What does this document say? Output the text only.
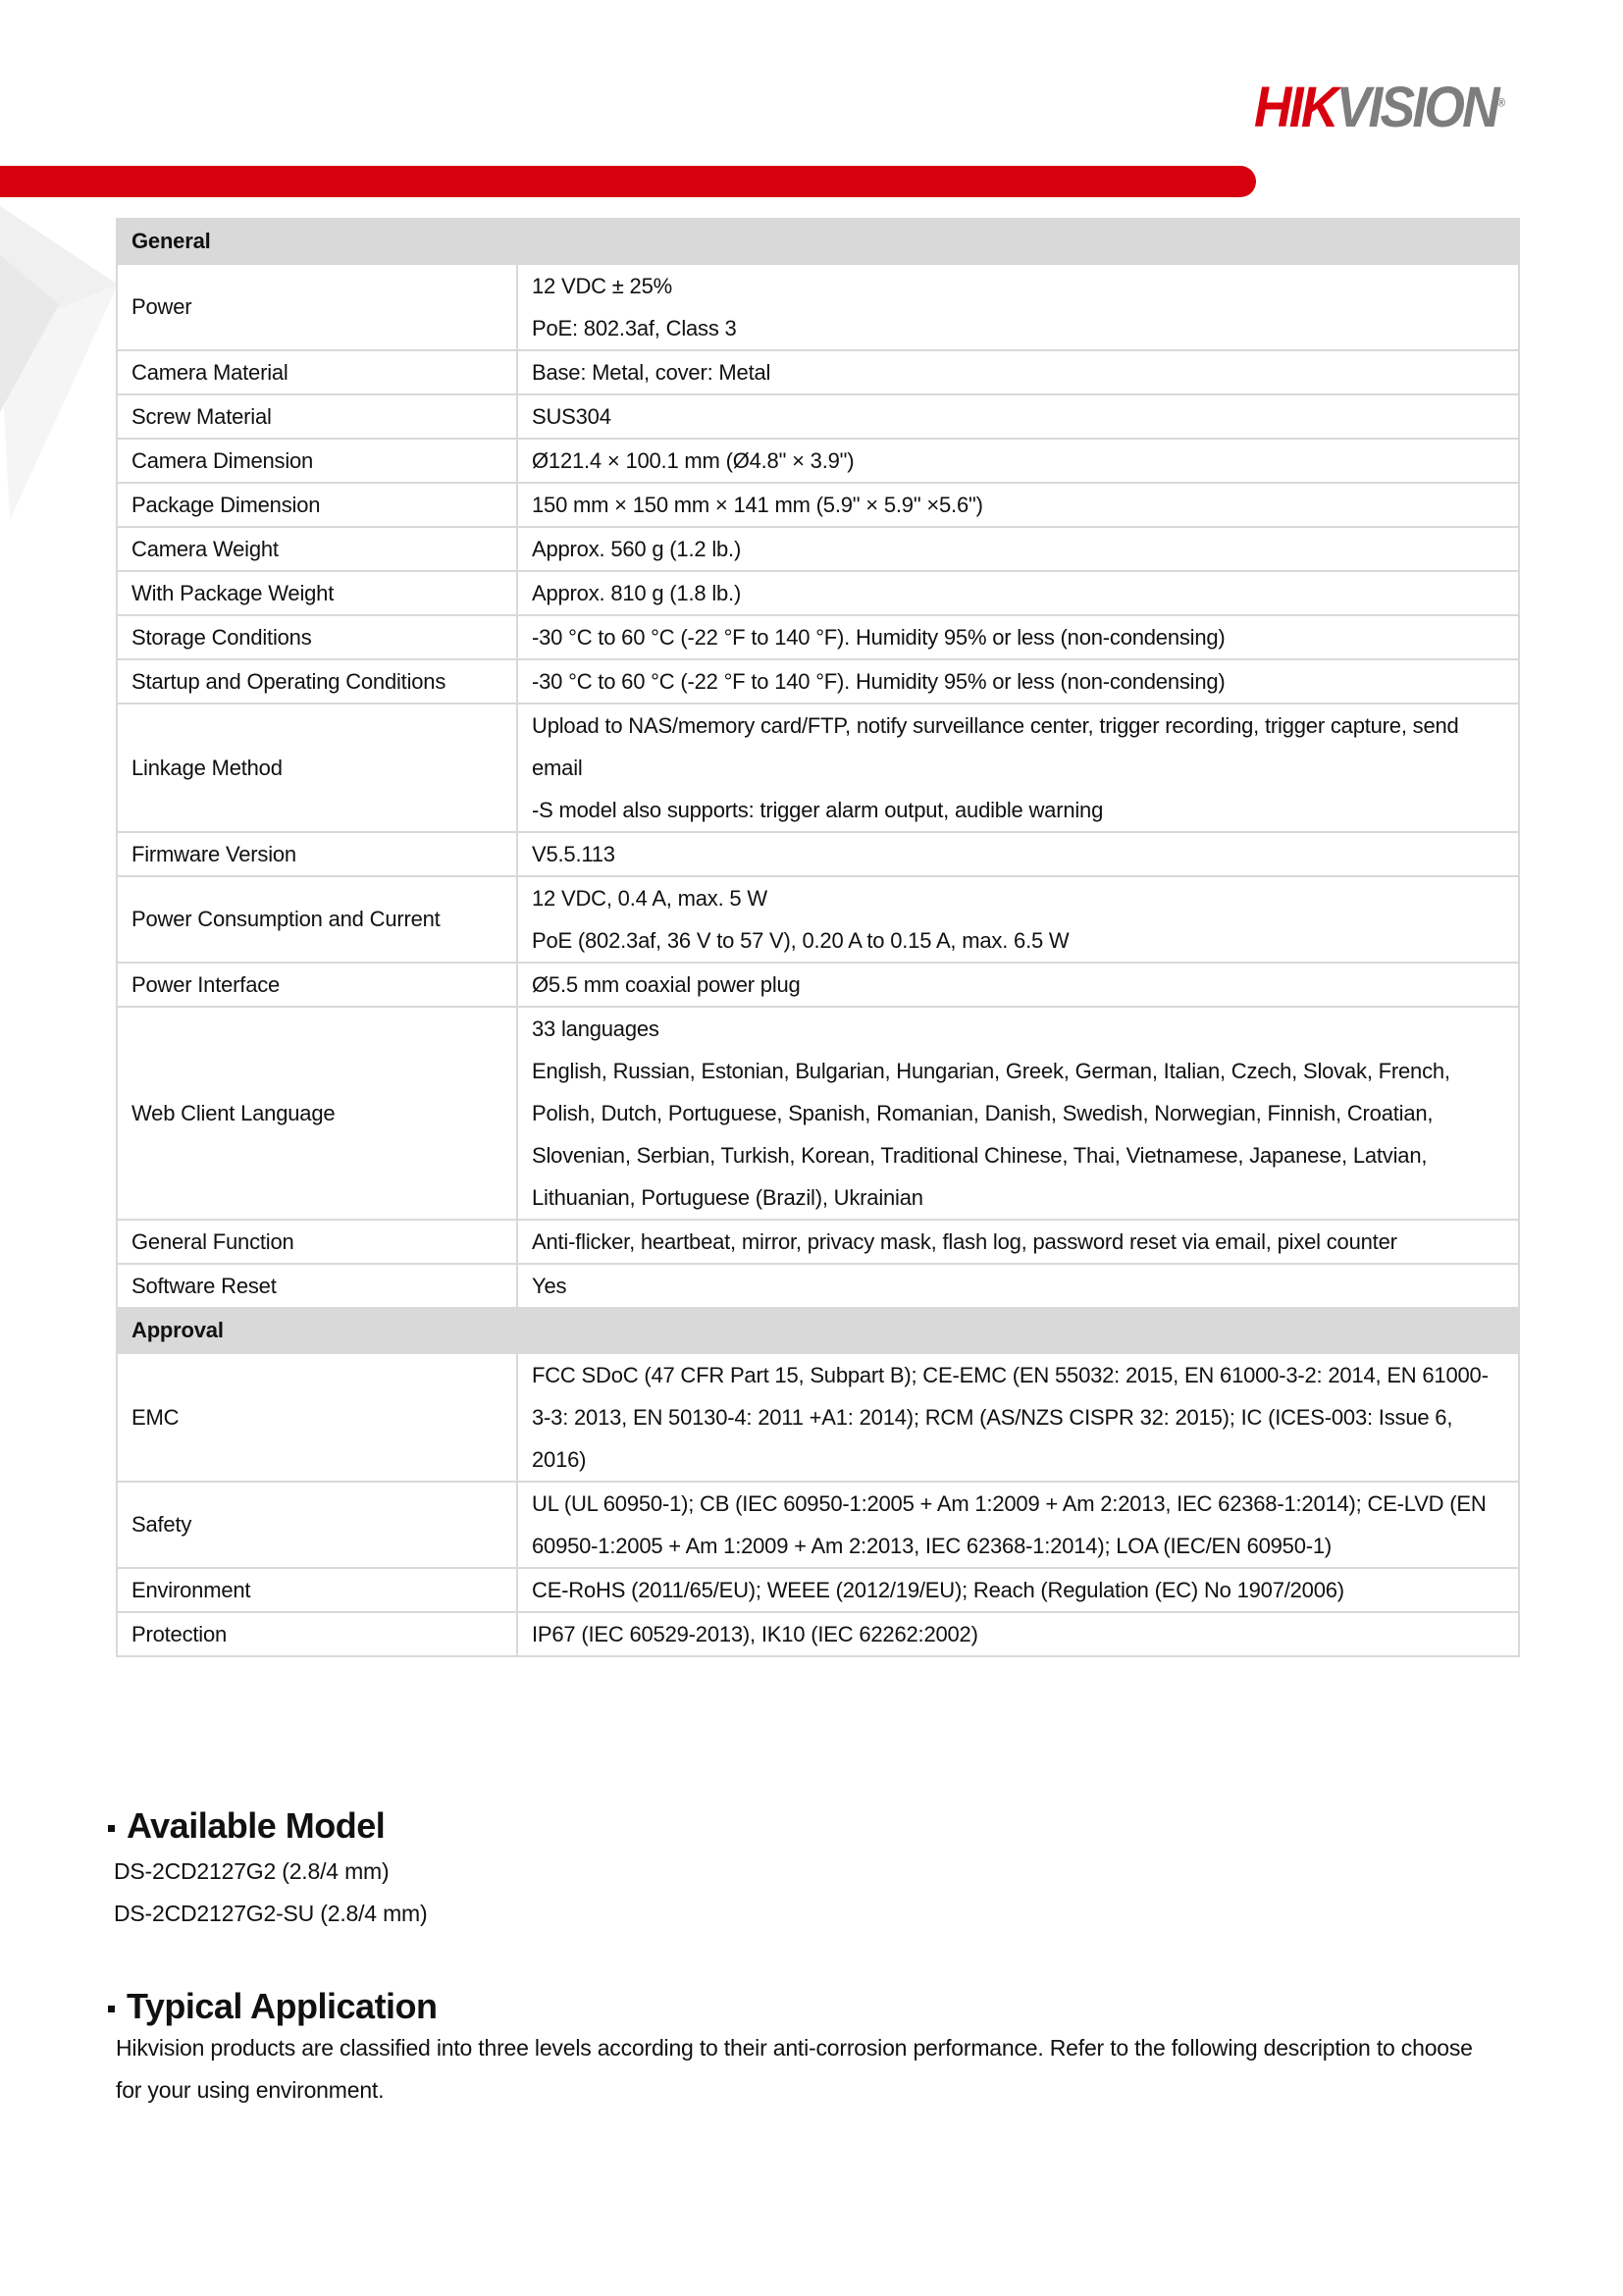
HIKVISION®
General	
Power	12 VDC ± 25%
PoE: 802.3af, Class 3

Camera Material	Base: Metal, cover: Metal

Screw Material	SUS304

Camera Dimension	Ø121.4 × 100.1 mm (Ø4.8" × 3.9")

Package Dimension	150 mm × 150 mm × 141 mm (5.9" × 5.9" ×5.6")

Camera Weight	Approx. 560 g (1.2 lb.)

With Package Weight	Approx. 810 g (1.8 lb.)

Storage Conditions	-30 °C to 60 °C (-22 °F to 140 °F). Humidity 95% or less (non-condensing)

Startup and Operating Conditions	-30 °C to 60 °C (-22 °F to 140 °F). Humidity 95% or less (non-condensing)

Linkage Method	Upload to NAS/memory card/FTP, notify surveillance center, trigger recording, trigger capture, send email
-S model also supports: trigger alarm output, audible warning

Firmware Version	V5.5.113

Power Consumption and Current	12 VDC, 0.4 A, max. 5 W
PoE (802.3af, 36 V to 57 V), 0.20 A to 0.15 A, max. 6.5 W

Power Interface	Ø5.5 mm coaxial power plug

Web Client Language	33 languages
English, Russian, Estonian, Bulgarian, Hungarian, Greek, German, Italian, Czech, Slovak, French, Polish, Dutch, Portuguese, Spanish, Romanian, Danish, Swedish, Norwegian, Finnish, Croatian, Slovenian, Serbian, Turkish, Korean, Traditional Chinese, Thai, Vietnamese, Japanese, Latvian, Lithuanian, Portuguese (Brazil), Ukrainian

General Function	Anti-flicker, heartbeat, mirror, privacy mask, flash log, password reset via email, pixel counter

Software Reset	Yes

Approval	
EMC	FCC SDoC (47 CFR Part 15, Subpart B); CE-EMC (EN 55032: 2015, EN 61000-3-2: 2014, EN 61000-3-3: 2013, EN 50130-4: 2011 +A1: 2014); RCM (AS/NZS CISPR 32: 2015); IC (ICES-003: Issue 6, 2016)

Safety	UL (UL 60950-1); CB (IEC 60950-1:2005 + Am 1:2009 + Am 2:2013, IEC 62368-1:2014); CE-LVD (EN 60950-1:2005 + Am 1:2009 + Am 2:2013, IEC 62368-1:2014); LOA (IEC/EN 60950-1)

Environment	CE-RoHS (2011/65/EU); WEEE (2012/19/EU); Reach (Regulation (EC) No 1907/2006)

Protection	IP67 (IEC 60529-2013), IK10 (IEC 62262:2002)
Available Model
DS-2CD2127G2 (2.8/4 mm)
DS-2CD2127G2-SU (2.8/4 mm)
Typical Application
Hikvision products are classified into three levels according to their anti-corrosion performance. Refer to the following description to choose for your using environment.
